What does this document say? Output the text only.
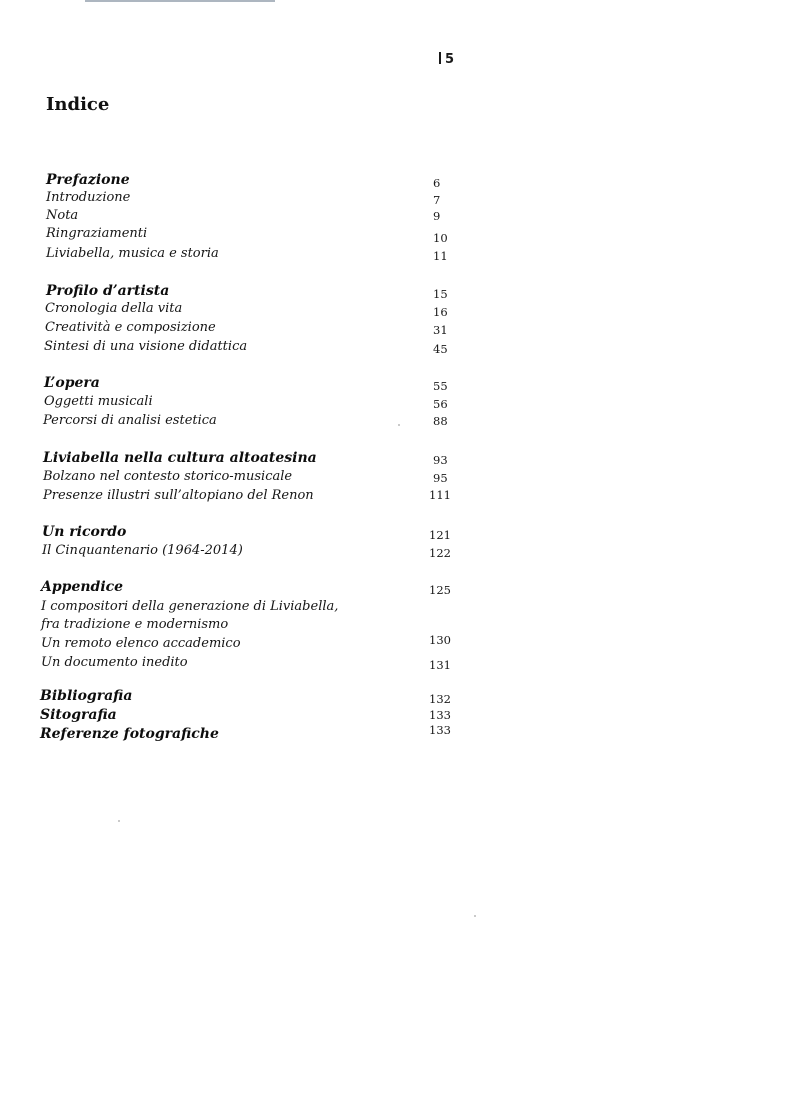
5
Indice
Prefazione	6
Introduzione	7
Nota	9
Ringraziamenti	10
Liviabella, musica e storia	11
Profilo d’artista	15
Cronologia della vita	16
Creatività e composizione	31
Sintesi di una visione didattica	45
L’opera	55
Oggetti musicali	56
Percorsi di analisi estetica	88
Liviabella nella cultura altoatesina	93
Bolzano nel contesto storico-musicale	95
Presenze illustri sull’altopiano del Renon	111
Un ricordo	121
Il Cinquantenario (1964-2014)	122
Appendice	125
I compositori della generazione di Liviabella,
fra tradizione e modernismo
Un remoto elenco accademico	130
Un documento inedito	131
Bibliografia	132
Sitografia	133
Referenze fotografiche	133
